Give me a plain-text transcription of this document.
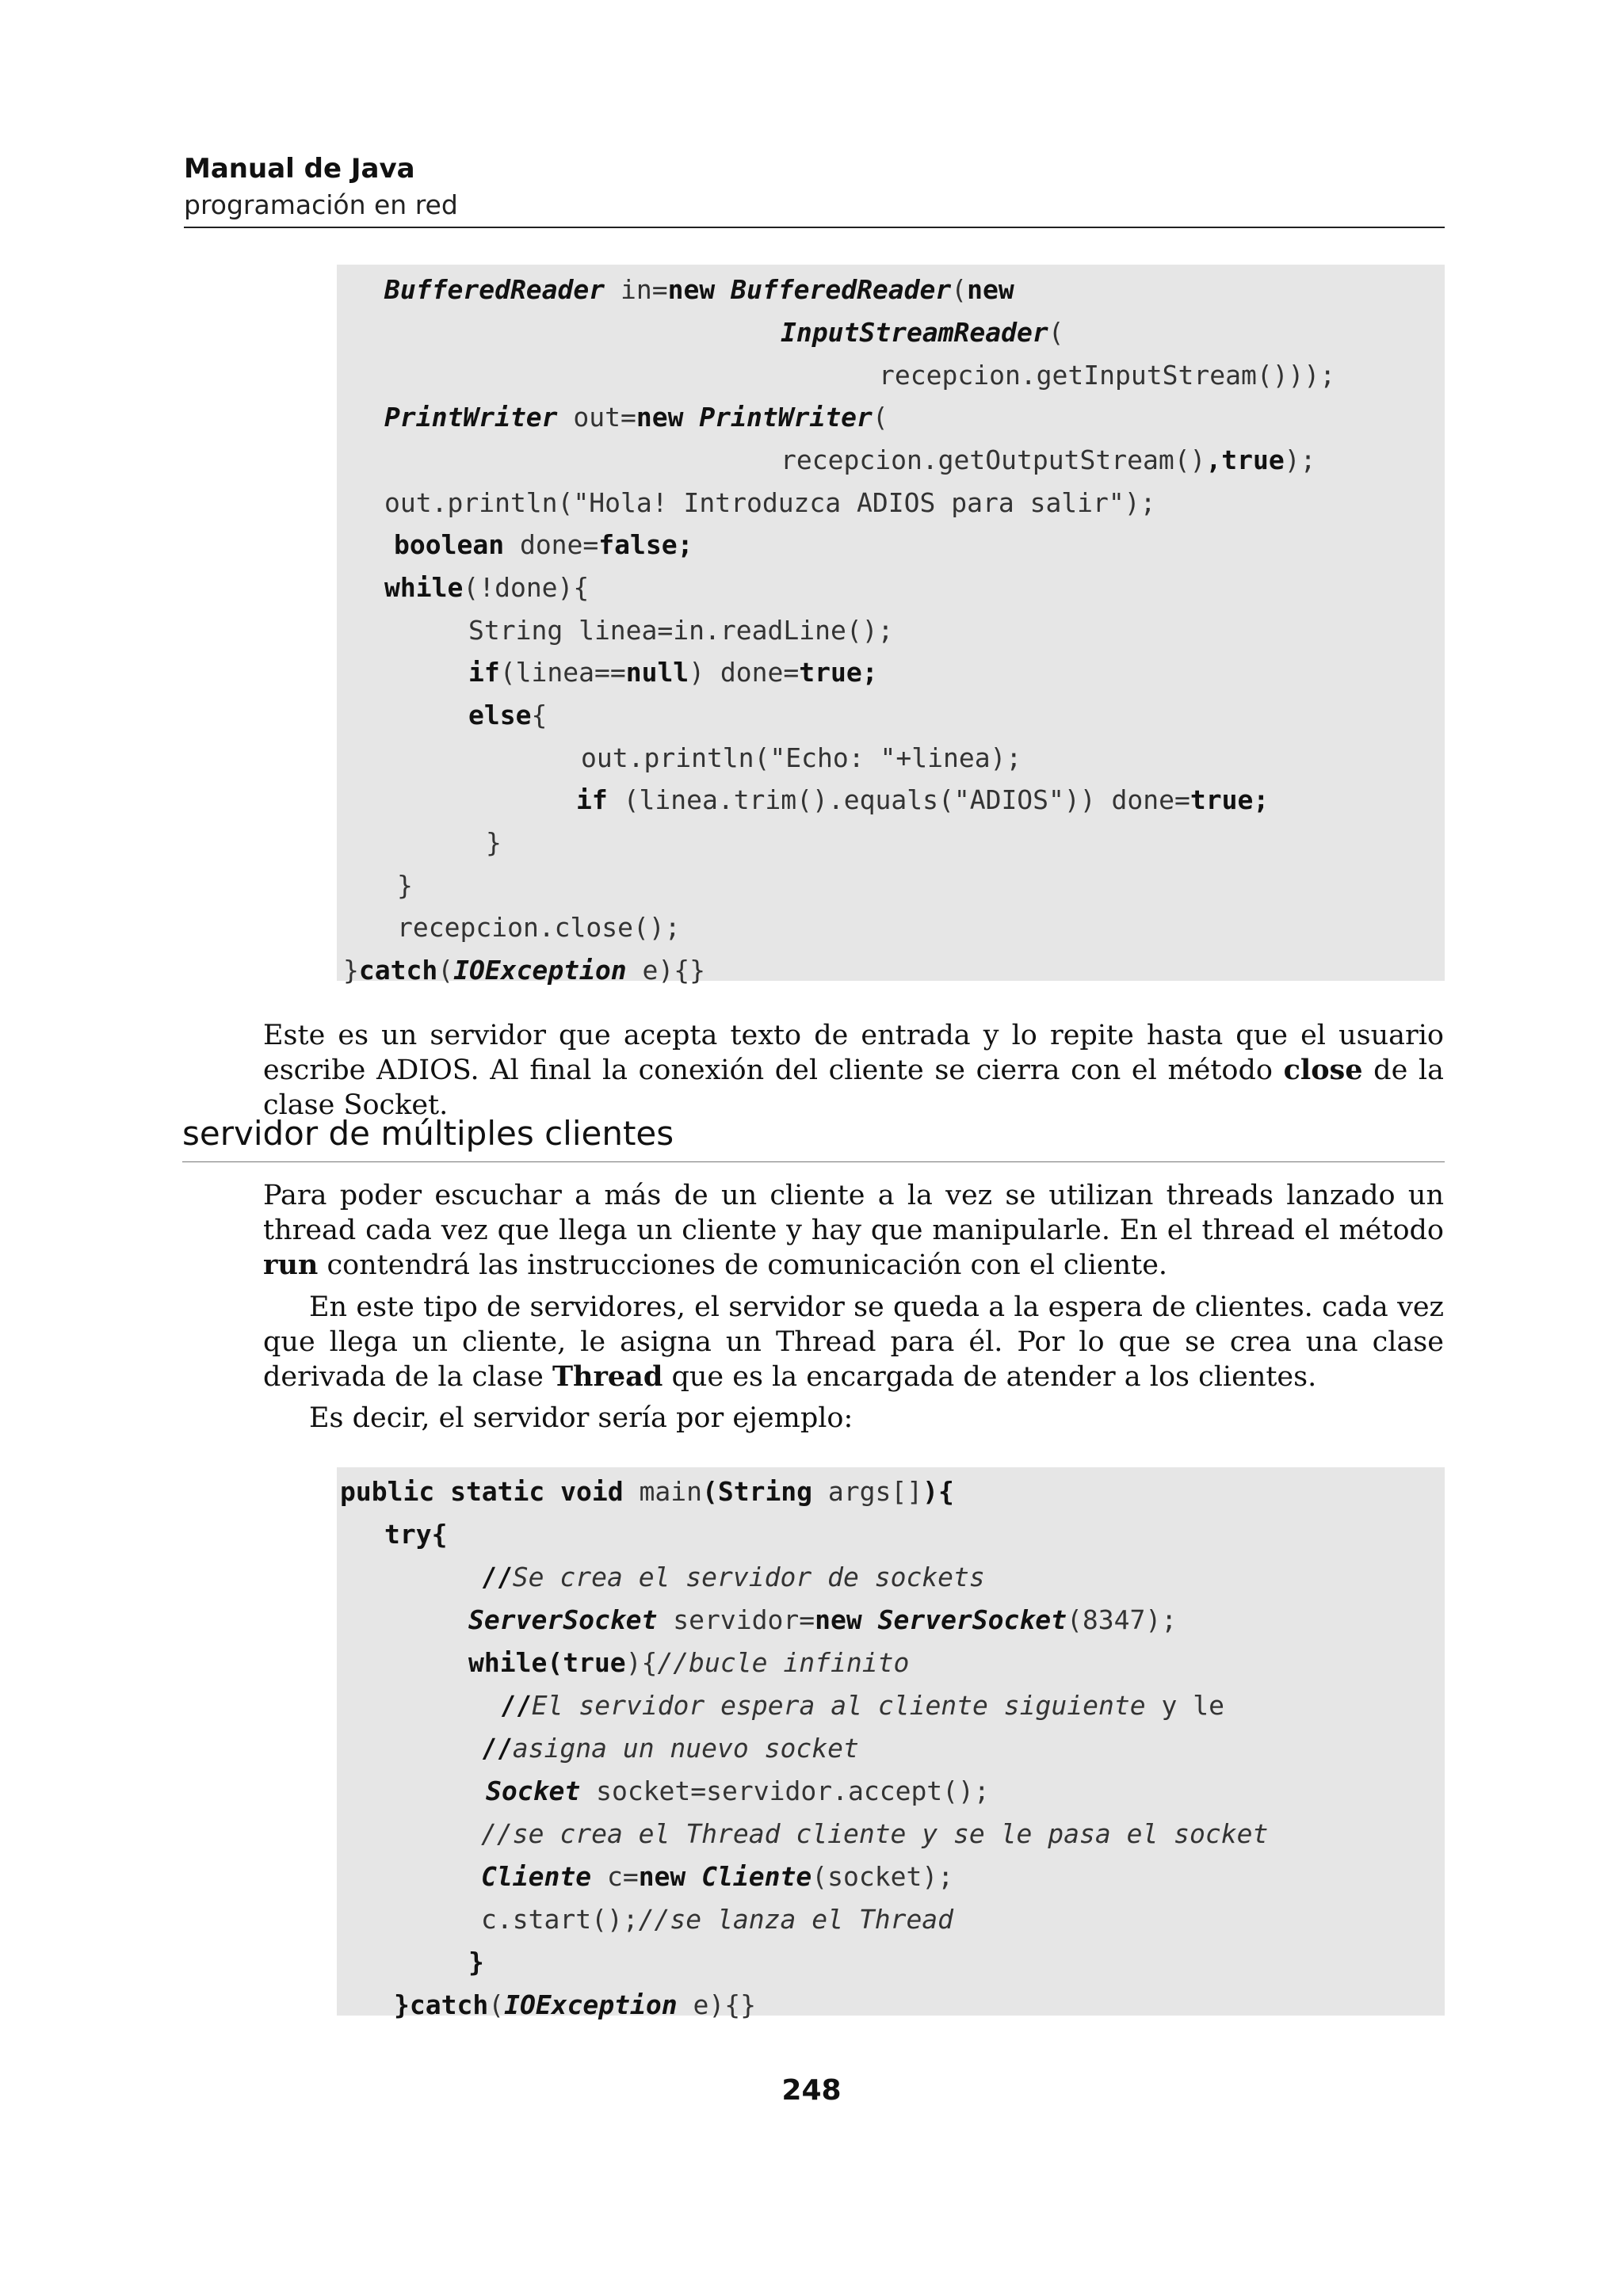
Manual de Java
programación en red
BufferedReader in=new BufferedReader(new
InputStreamReader(
recepcion.getInputStream()));
PrintWriter out=new PrintWriter(
recepcion.getOutputStream(),true);
out.println("Hola! Introduzca ADIOS para salir");
boolean done=false;
while(!done){
String linea=in.readLine();
if(linea==null) done=true;
else{
out.println("Echo: "+linea);
if (linea.trim().equals("ADIOS")) done=true;
}
}
recepcion.close();
}catch(IOException e){}
Este es un servidor que acepta texto de entrada y lo repite hasta que el usuario escribe ADIOS. Al final la conexión del cliente se cierra con el método close de la clase Socket.
servidor de múltiples clientes
Para poder escuchar a más de un cliente a la vez se utilizan threads lanzado un thread cada vez que llega un cliente y hay que manipularle. En el thread el método run contendrá las instrucciones de comunicación con el cliente.
En este tipo de servidores, el servidor se queda a la espera de clientes. cada vez que llega un cliente, le asigna un Thread para él. Por lo que se crea una clase derivada de la clase Thread que es la encargada de atender a los clientes.
Es decir, el servidor sería por ejemplo:
public static void main(String args[]){
try{
//Se crea el servidor de sockets
ServerSocket servidor=new ServerSocket(8347);
while(true){//bucle infinito
//El servidor espera al cliente siguiente y le
//asigna un nuevo socket
Socket socket=servidor.accept();
//se crea el Thread cliente y se le pasa el socket
Cliente c=new Cliente(socket);
c.start();//se lanza el Thread
}
}catch(IOException e){}
248
